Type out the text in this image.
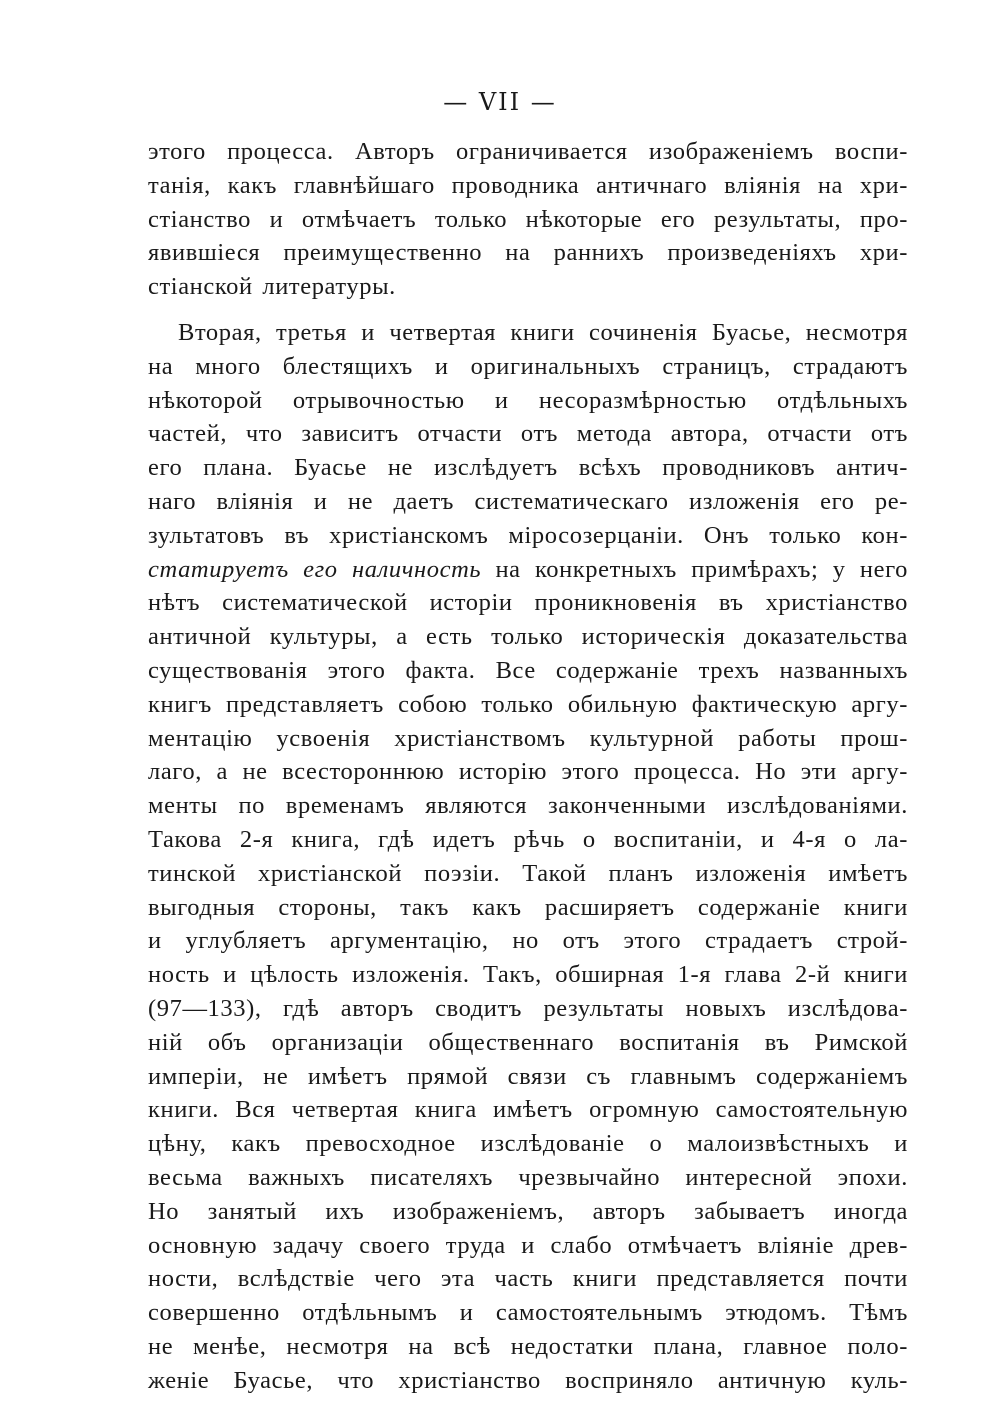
— VII —
этого процесса. Авторъ ограничивается изображенiемъ воспи-
танiя, какъ главнѣйшаго проводника античнаго влiянiя на хри-
стiанство и отмѣчаетъ только нѣкоторые его результаты, про-
явившiеся преимущественно на раннихъ произведенiяхъ хри-
стiанской литературы.
Вторая, третья и четвертая книги сочиненiя Буасье, несмотря
на много блестящихъ и оригинальныхъ страницъ, страдаютъ
нѣкоторой отрывочностью и несоразмѣрностью отдѣльныхъ
частей, что зависитъ отчасти отъ метода автора, отчасти отъ
его плана. Буасье не изслѣдуетъ всѣхъ проводниковъ антич-
наго влiянiя и не даетъ систематическаго изложенiя его ре-
зультатовъ въ христiанскомъ мiросозерцанiи. Онъ только кон-
статируетъ его наличность на конкретныхъ примѣрахъ; у него
нѣтъ систематической исторiи проникновенiя въ христiанство
античной культуры, а есть только историческiя доказательства
существованiя этого факта. Все содержанiе трехъ названныхъ
книгъ представляетъ собою только обильную фактическую аргу-
ментацiю усвоенiя христiанствомъ культурной работы прош-
лаго, а не всестороннюю исторiю этого процесса. Но эти аргу-
менты по временамъ являются законченными изслѣдованiями.
Такова 2-я книга, гдѣ идетъ рѣчь о воспитанiи, и 4-я о ла-
тинской христiанской поэзiи. Такой планъ изложенiя имѣетъ
выгодныя стороны, такъ какъ расширяетъ содержанiе книги
и углубляетъ аргументацiю, но отъ этого страдаетъ строй-
ность и цѣлость изложенiя. Такъ, обширная 1-я глава 2-й книги
(97—133), гдѣ авторъ сводитъ результаты новыхъ изслѣдова-
нiй объ организацiи общественнаго воспитанiя въ Римской
имперiи, не имѣетъ прямой связи съ главнымъ содержанiемъ
книги. Вся четвертая книга имѣетъ огромную самостоятельную
цѣну, какъ превосходное изслѣдованiе о малоизвѣстныхъ и
весьма важныхъ писателяхъ чрезвычайно интересной эпохи.
Но занятый ихъ изображенiемъ, авторъ забываетъ иногда
основную задачу своего труда и слабо отмѣчаетъ влiянiе древ-
ности, вслѣдствiе чего эта часть книги представляется почти
совершенно отдѣльнымъ и самостоятельнымъ этюдомъ. Тѣмъ
не менѣе, несмотря на всѣ недостатки плана, главное поло-
женiе Буасье, что христiанство восприняло античную куль-
